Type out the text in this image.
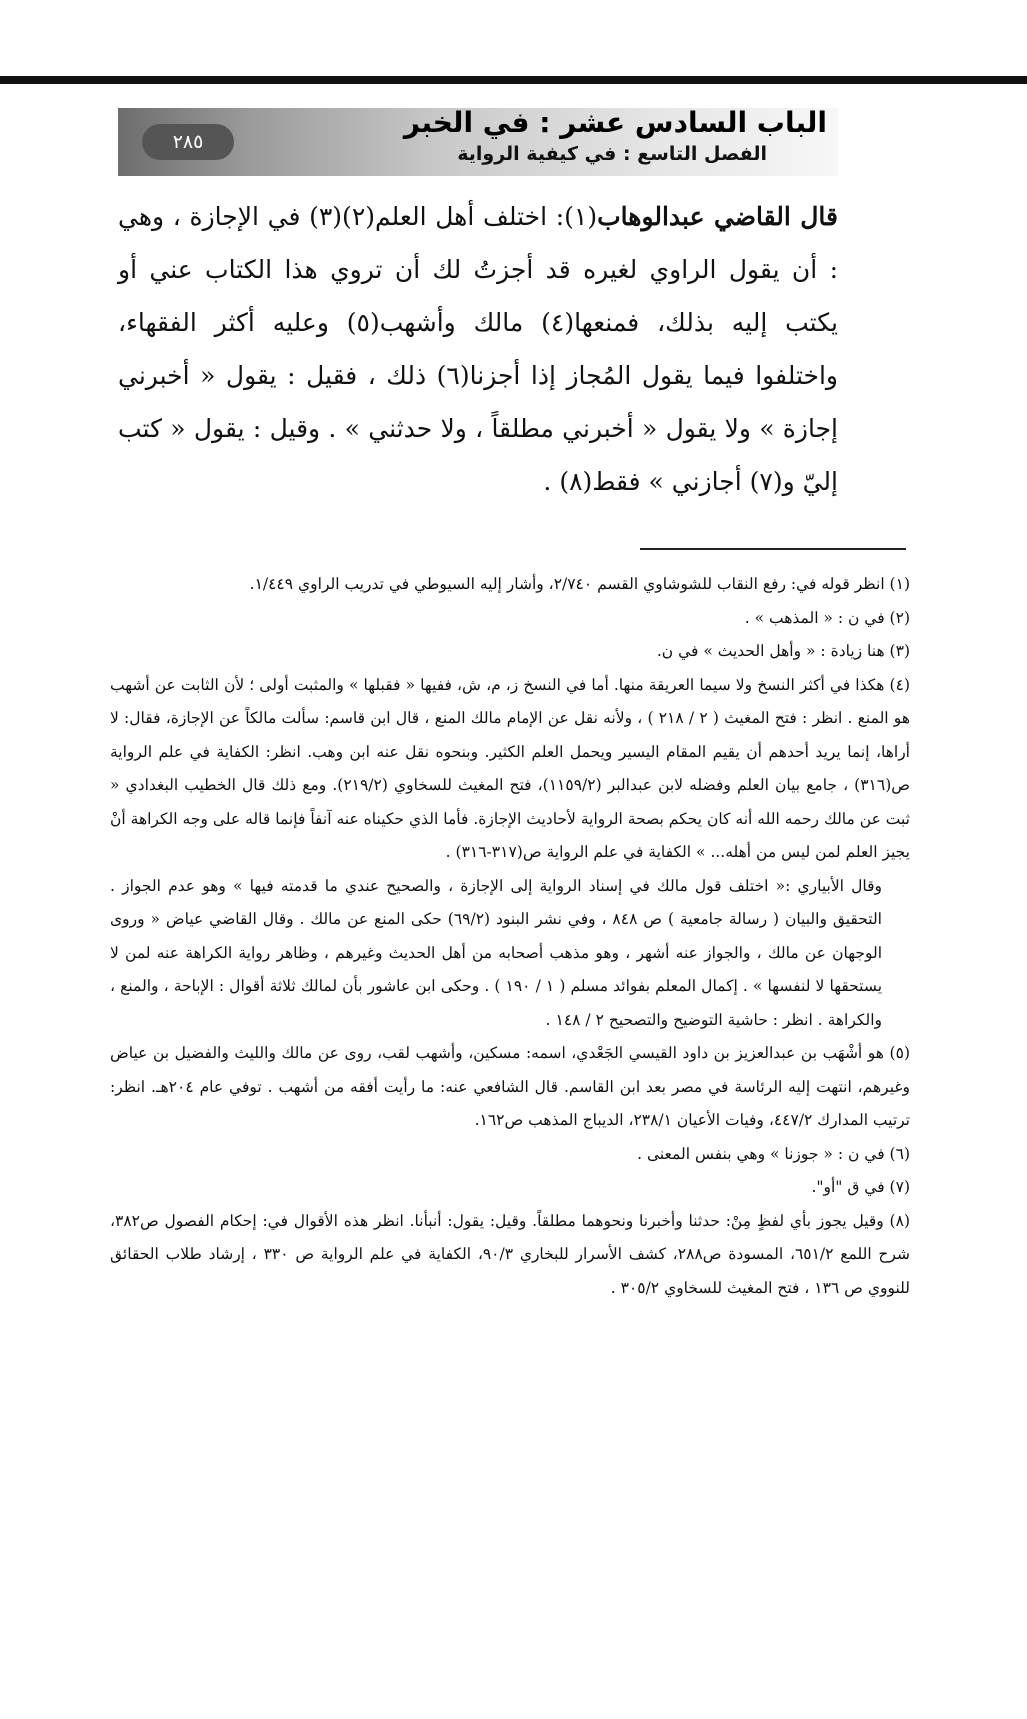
٢٨٥
الباب السادس عشر : في الخبر
الفصل التاسع : في كيفية الرواية

قال القاضي عبدالوهاب(١): اختلف أهل العلم(٢)(٣) في الإجازة ، وهي : أن يقول الراوي لغيره قد أجزتُ لك أن تروي هذا الكتاب عني أو يكتب إليه بذلك، فمنعها(٤) مالك وأشهب(٥) وعليه أكثر الفقهاء، واختلفوا فيما يقول المُجاز إذا أجزنا(٦) ذلك ، فقيل : يقول « أخبرني إجازة » ولا يقول « أخبرني مطلقاً ، ولا حدثني » . وقيل : يقول « كتب إليّ و(٧) أجازني » فقط(٨) .

(١) انظر قوله في: رفع النقاب للشوشاوي القسم ٢/٧٤٠، وأشار إليه السيوطي في تدريب الراوي ١/٤٤٩.

(٢) في ن : « المذهب » .

(٣) هنا زيادة : « وأهل الحديث » في ن.

(٤) هكذا في أكثر النسخ ولا سيما العريقة منها. أما في النسخ ز، م، ش، ففيها « فقبلها » والمثبت أولى ؛ لأن الثابت عن أشهب هو المنع . انظر : فتح المغيث ( ٢ / ٢١٨ ) ، ولأنه نقل عن الإمام مالك المنع ، قال ابن قاسم: سألت مالكاً عن الإجازة، فقال: لا أراها، إنما يريد أحدهم أن يقيم المقام اليسير ويحمل العلم الكثير. وبنحوه نقل عنه ابن وهب. انظر: الكفاية في علم الرواية ص(٣١٦) ، جامع بيان العلم وفضله لابن عبدالبر (١١٥٩/٢)، فتح المغيث للسخاوي (٢١٩/٢). ومع ذلك قال الخطيب البغدادي « ثبت عن مالك رحمه الله أنه كان يحكم بصحة الرواية لأحاديث الإجازة. فأما الذي حكيناه عنه آنفاً فإنما قاله على وجه الكراهة أنْ يجيز العلم لمن ليس من أهله... » الكفاية في علم الرواية ص(٣١٧-٣١٦) .

وقال الأبياري :« اختلف قول مالك في إسناد الرواية إلى الإجازة ، والصحيح عندي ما قدمته فيها » وهو عدم الجواز . التحقيق والبيان ( رسالة جامعية ) ص ٨٤٨ ، وفي نشر البنود (٦٩/٢) حكى المنع عن مالك . وقال القاضي عياض « وروى الوجهان عن مالك ، والجواز عنه أشهر ، وهو مذهب أصحابه من أهل الحديث وغيرهم ، وظاهر رواية الكراهة عنه لمن لا يستحقها لا لنفسها » . إكمال المعلم بفوائد مسلم ( ١ / ١٩٠ ) . وحكى ابن عاشور بأن لمالك ثلاثة أقوال : الإباحة ، والمنع ، والكراهة . انظر : حاشية التوضيح والتصحيح ٢ / ١٤٨ .

(٥) هو أشْهَب بن عبدالعزيز بن داود القيسي الجَعْدي، اسمه: مسكين، وأشهب لقب، روى عن مالك والليث والفضيل بن عياض وغيرهم، انتهت إليه الرئاسة في مصر بعد ابن القاسم. قال الشافعي عنه: ما رأيت أفقه من أشهب . توفي عام ٢٠٤هـ. انظر: ترتيب المدارك ٤٤٧/٢، وفيات الأعيان ٢٣٨/١، الديباج المذهب ص١٦٢.

(٦) في ن : « جوزنا » وهي بنفس المعنى .

(٧) في ق "أو".

(٨) وقيل يجوز بأي لفظٍ مِنْ: حدثنا وأخبرنا ونحوهما مطلقاً. وقيل: يقول: أنبأنا. انظر هذه الأقوال في: إحكام الفصول ص٣٨٢، شرح اللمع ٦٥١/٢، المسودة ص٢٨٨، كشف الأسرار للبخاري ٩٠/٣، الكفاية في علم الرواية ص ٣٣٠ ، إرشاد طلاب الحقائق للنووي ص ١٣٦ ، فتح المغيث للسخاوي ٣٠٥/٢ .
